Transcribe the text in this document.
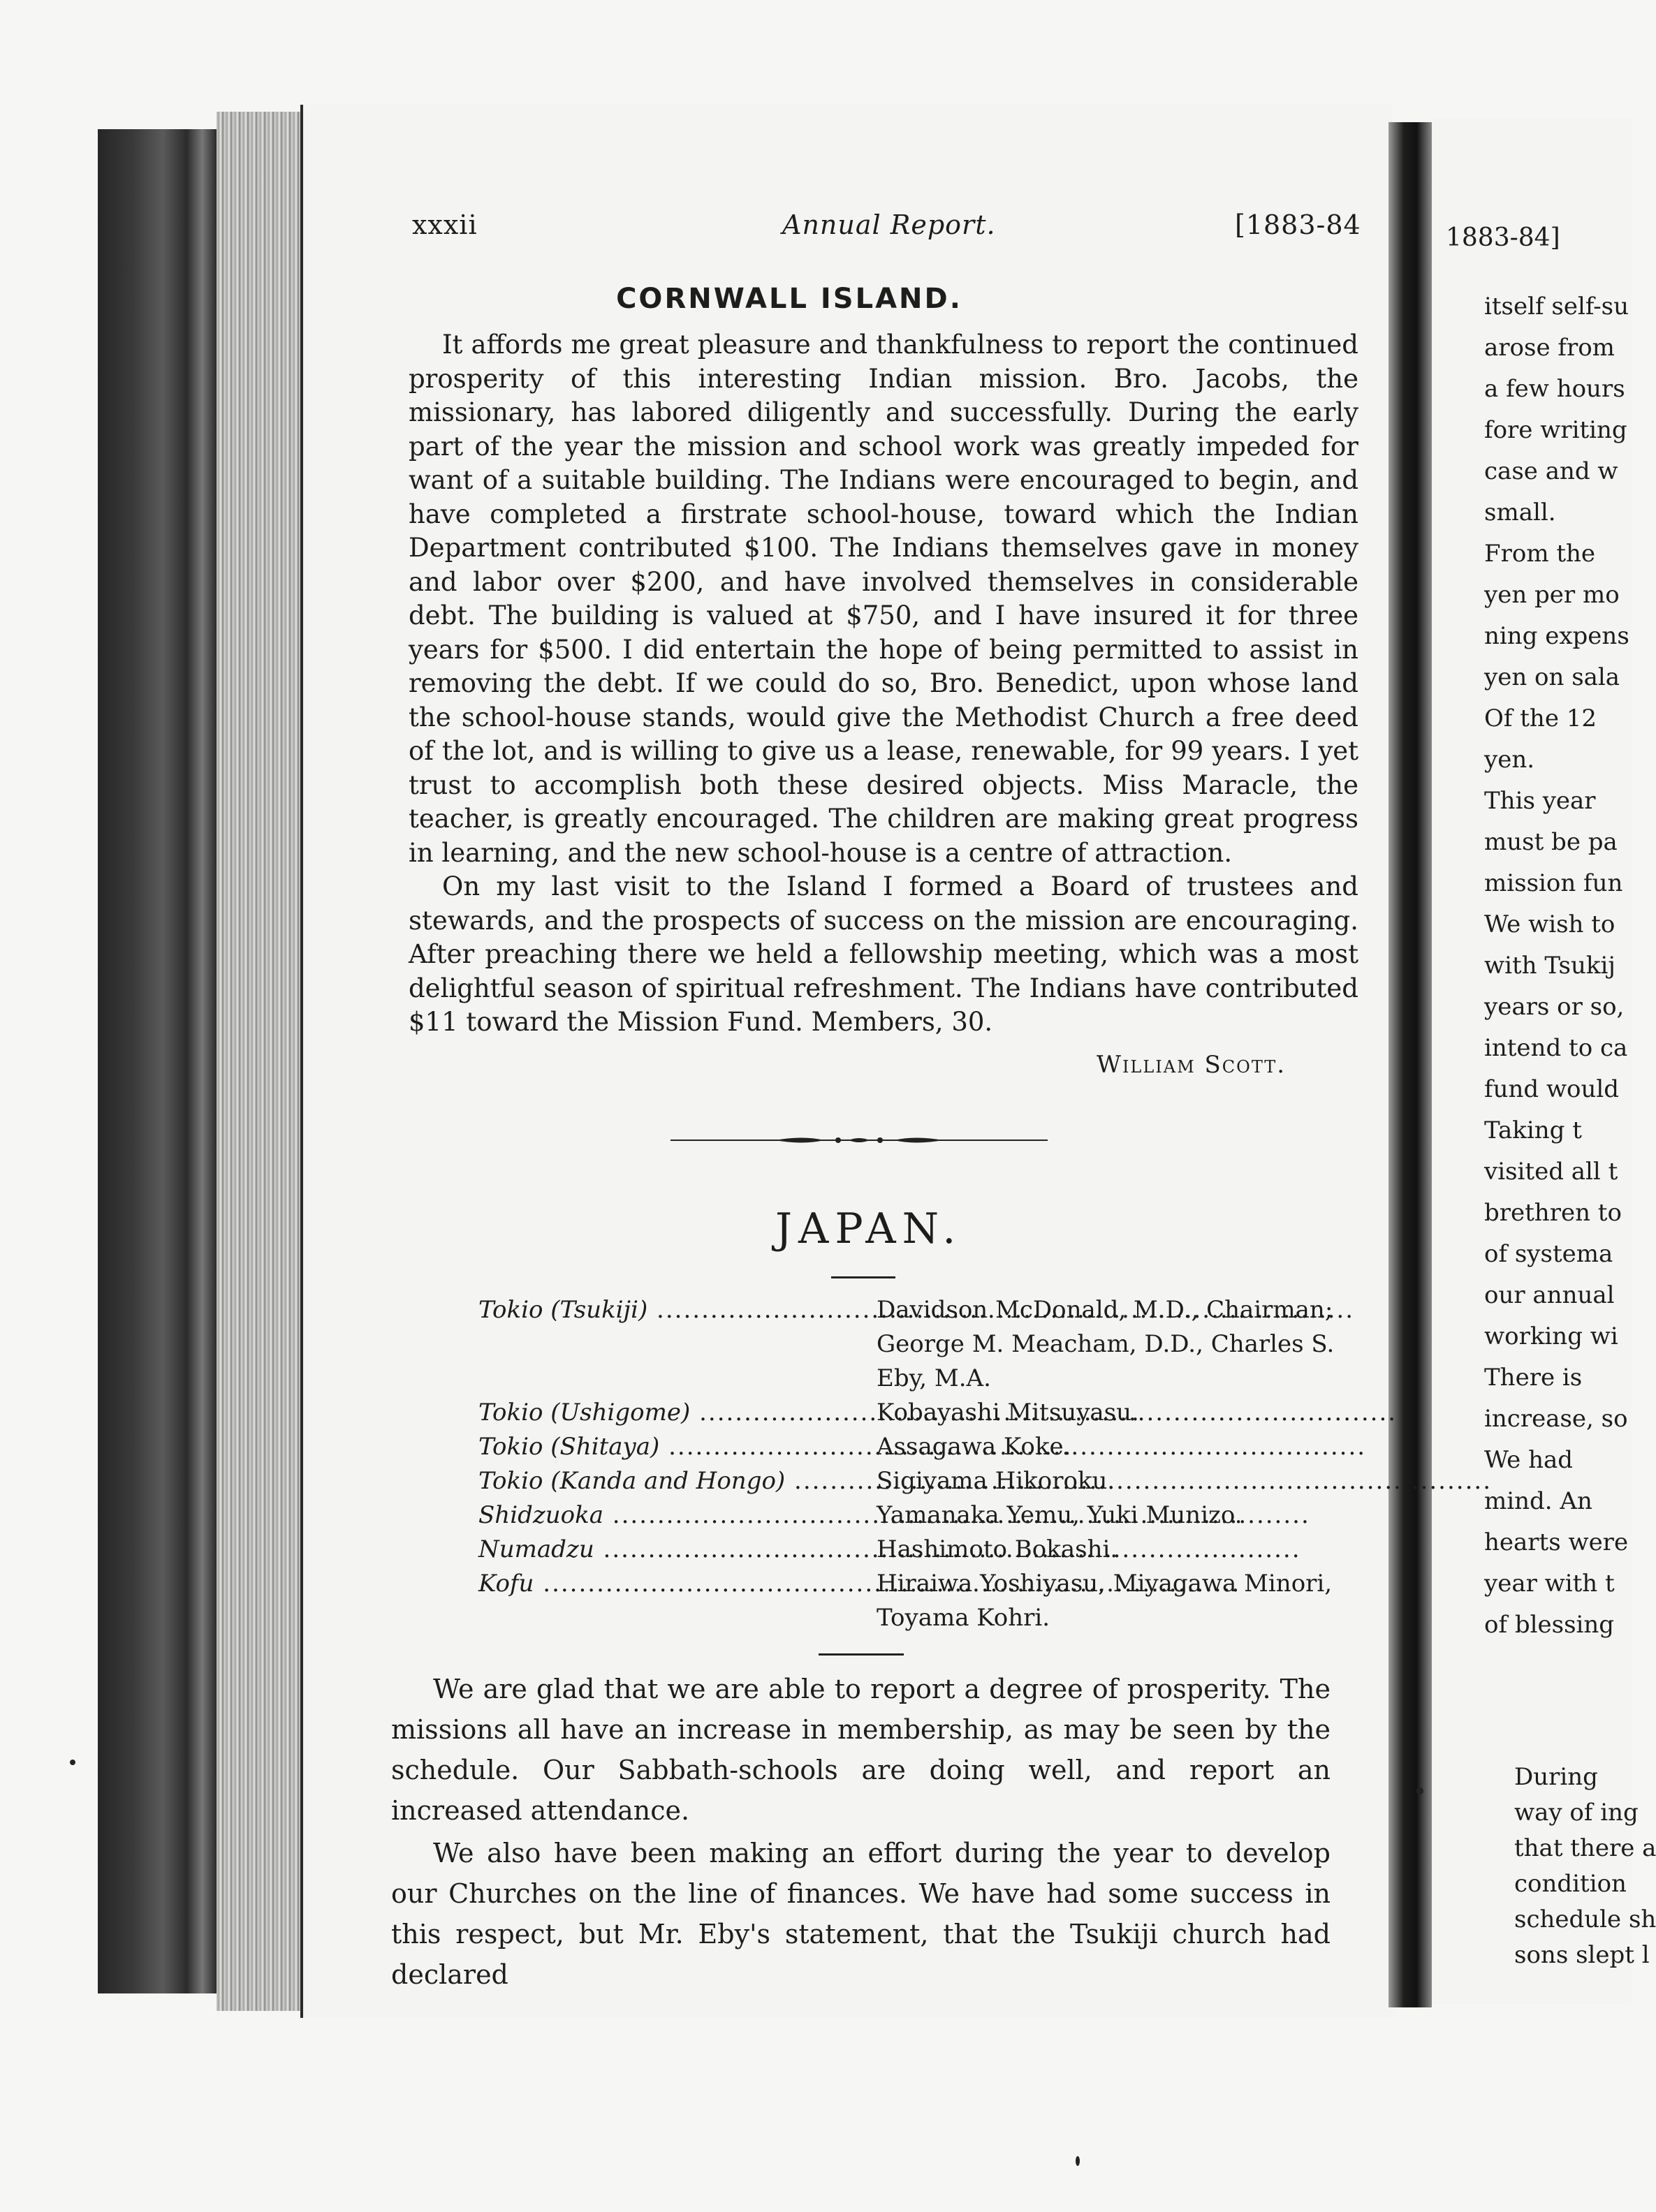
xxxii	Annual Report.	[1883-84
CORNWALL ISLAND.

It affords me great pleasure and thankfulness to report the continued prosperity of this interesting Indian mission. Bro. Jacobs, the missionary, has labored diligently and successfully. During the early part of the year the mission and school work was greatly impeded for want of a suitable building. The Indians were encouraged to begin, and have completed a firstrate school-house, toward which the Indian Department contributed $100. The Indians themselves gave in money and labor over $200, and have involved themselves in considerable debt. The building is valued at $750, and I have insured it for three years for $500. I did entertain the hope of being permitted to assist in removing the debt. If we could do so, Bro. Benedict, upon whose land the school-house stands, would give the Methodist Church a free deed of the lot, and is willing to give us a lease, renewable, for 99 years. I yet trust to accomplish both these desired objects. Miss Maracle, the teacher, is greatly encouraged. The children are making great progress in learning, and the new school-house is a centre of attraction.

On my last visit to the Island I formed a Board of trustees and stewards, and the prospects of success on the mission are encouraging. After preaching there we held a fellowship meeting, which was a most delightful season of spiritual refreshment. The Indians have contributed $11 toward the Mission Fund. Members, 30.

William Scott.
JAPAN.
Tokio (Tsukiji) .....	Davidson McDonald, M.D., Chairman; George M. Meacham, D.D., Charles S. Eby, M.A.
Tokio (Ushigome) .....	Kobayashi Mitsuyasu.
Tokio (Shitaya) .....	Assagawa Koke.
Tokio (Kanda and Hongo) .....	Sigiyama Hikoroku.
Shidzuoka .....	Yamanaka Yemu, Yuki Munizo.
Numadzu .....	Hashimoto Bokashi.
Kofu .....	Hiraiwa Yoshiyasu, Miyagawa Minori, Toyama Kohri.

We are glad that we are able to report a degree of prosperity. The missions all have an increase in membership, as may be seen by the schedule. Our Sabbath-schools are doing well, and report an increased attendance.

We also have been making an effort during the year to develop our Churches on the line of finances. We have had some success in this respect, but Mr. Eby's statement, that the Tsukiji church had declared

1883-84]
itself self-su
arose from
a few hours
fore writing
case and w
small.
From the
yen per mo
ning expens
yen on sala
Of the 12
yen.
This year
must be pa
mission fun
We wish to
with Tsukij
years or so,
intend to ca
fund would
Taking t
visited all t
brethren to
of systema
our annual
working wi
There is
increase, so
We had
mind. An
hearts were
year with t
of blessing
During
way of ing
that there a
condition
schedule sh
sons slept l
